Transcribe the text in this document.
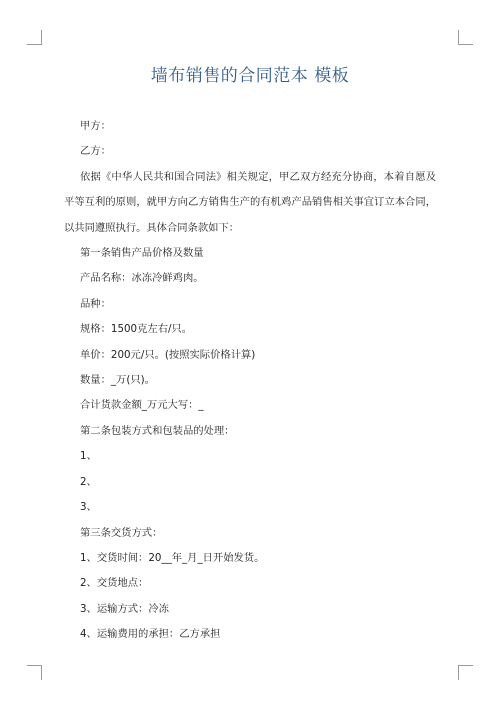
墙布销售的合同范本 模板

甲方：

乙方：

依据《中华人民共和国合同法》相关规定，甲乙双方经充分协商，本着自愿及平等互利的原则，就甲方向乙方销售生产的有机鸡产品销售相关事宜订立本合同，以共同遵照执行。具体合同条款如下：

第一条销售产品价格及数量

产品名称：冰冻冷鲜鸡肉。

品种：

规格：1500克左右/只。

单价：200元/只。(按照实际价格计算)

数量：_万(只)。

合计货款金额_万元大写：_

第二条包装方式和包装品的处理：

1、

2、

3、

第三条交货方式：

1、交货时间：20__年_月_日开始发货。

2、交货地点：

3、运输方式：冷冻

4、运输费用的承担：乙方承担
